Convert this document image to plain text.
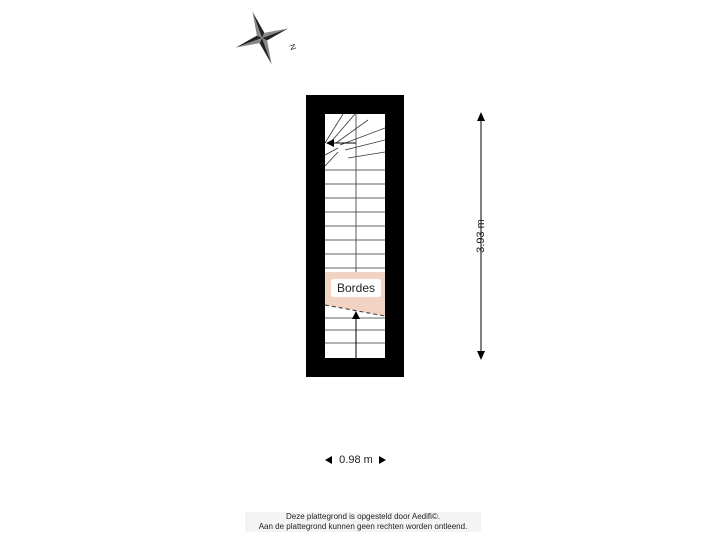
N
Bordes
3.93 m
0.98 m
Deze plattegrond is opgesteld door Aedifi©.
Aan de plattegrond kunnen geen rechten worden ontleend.
